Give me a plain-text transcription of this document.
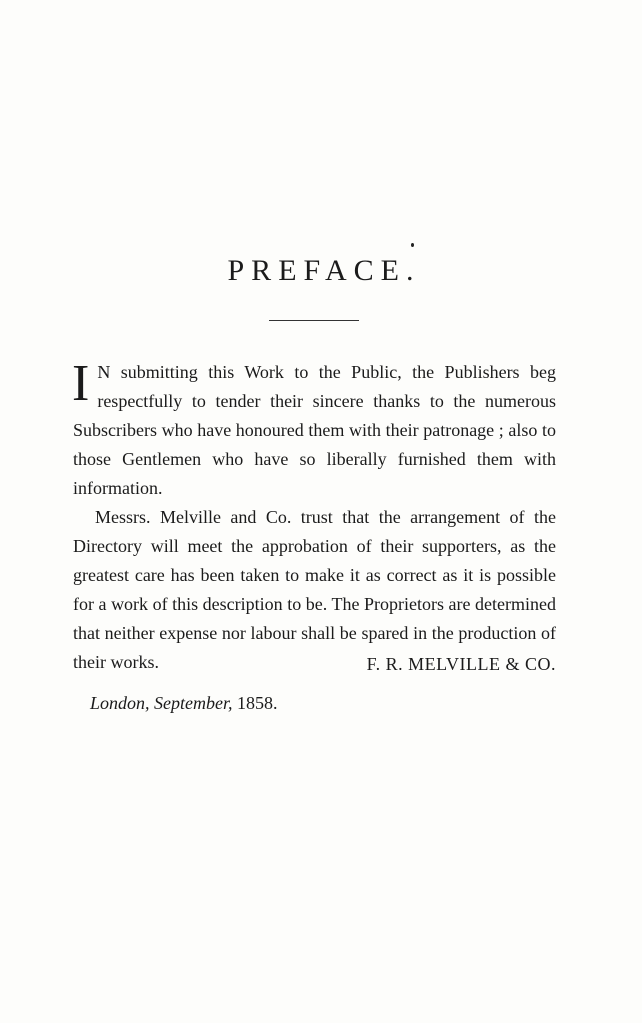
PREFACE.

I N submitting this Work to the Public, the Publishers beg respectfully to tender their sincere thanks to the numerous Subscribers who have honoured them with their patronage ; also to those Gentlemen who have so liberally furnished them with information.

Messrs. Melville and Co. trust that the arrangement of the Directory will meet the approbation of their supporters, as the greatest care has been taken to make it as correct as it is possible for a work of this description to be. The Proprietors are determined that neither expense nor labour shall be spared in the production of their works.	F. R. MELVILLE & CO.
London, September, 1858.
